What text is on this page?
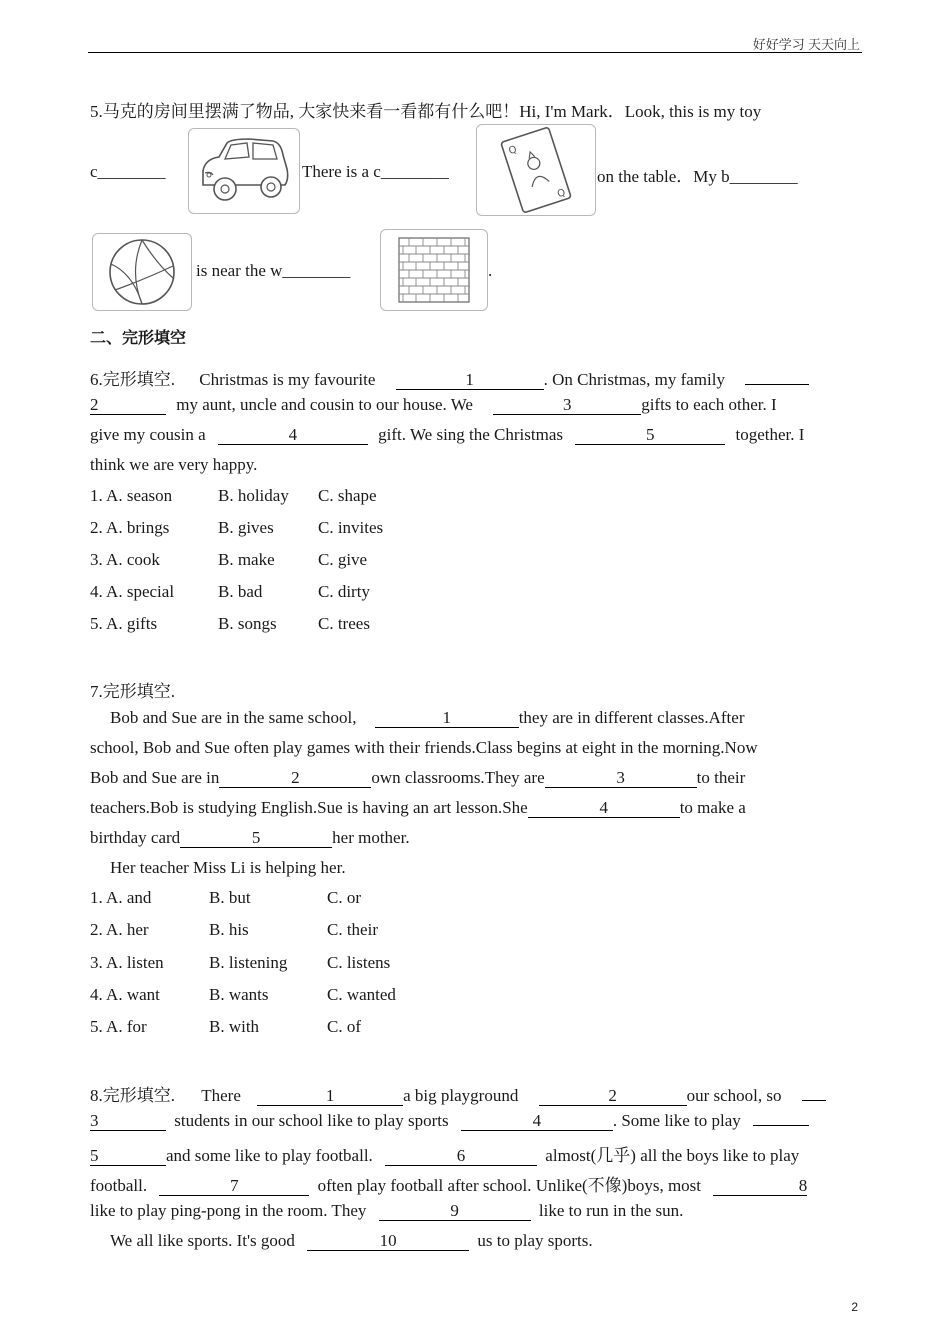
好好学习 天天向上
5.马克的房间里摆满了物品, 大家快来看一看都有什么吧！Hi, I'm Mark．Look, this is my toy
c________	There is a c________
Q
Q
on the table．My b________
is near the w________	.
二、完形填空
6.完形填空. Christmas is my favourite	1	. On Christmas, my family
2	my aunt, uncle and cousin to our house. We	3	gifts to each other. I
give my cousin a	4	gift. We sing the Christmas	5	together. I
think we are very happy.
1. A. season	B. holiday C. shape
2. A. brings	B. gives	C. invites
3. A. cook	B. make	C. give
4. A. special	B. bad	C. dirty
5. A. gifts	B. songs C. trees
7.完形填空.
Bob and Sue are in the same school,	1	they are in different classes.After
school, Bob and Sue often play games with their friends.Class begins at eight in the morning.Now
Bob and Sue are in	2	own classrooms.They are	3	to their
teachers.Bob is studying English.Sue is having an art lesson.She	4	to make a
birthday card	5	her mother.
Her teacher Miss Li is helping her.
1. A. and	B. but	C. or
2. A. her	B. his	C. their
3. A. listen	B. listening C. listens
4. A. want	B. wants	C. wanted
5. A. for	B. with	C. of
8.完形填空. There	1	a big playground	2	our school, so
3	students in our school like to play sports	4	. Some like to play
5	and some like to play football.	6	almost(几乎) all the boys like to play
football.	7	often play football after school. Unlike(不像)boys, most	8
like to play ping-pong in the room. They	9	like to run in the sun.
We all like sports. It's good	10	us to play sports.
2
